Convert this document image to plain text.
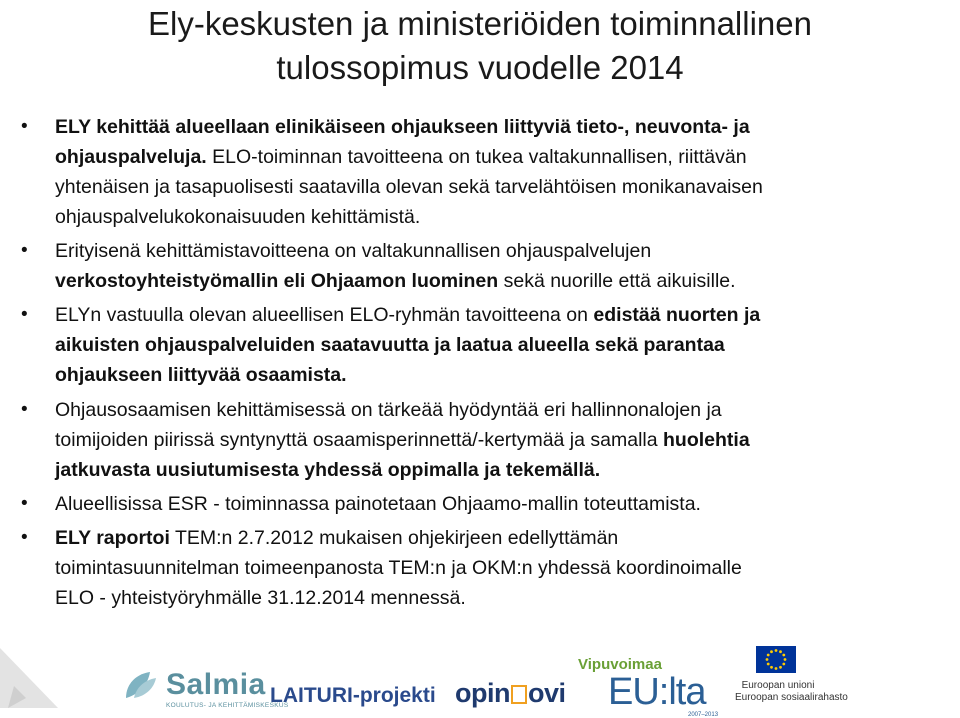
Ely-keskusten ja ministeriöiden toiminnallinen
tulossopimus vuodelle 2014
• ELY kehittää alueellaan elinikäiseen ohjaukseen liittyviä tieto-, neuvonta- ja
ohjauspalveluja. ELO-toiminnan tavoitteena on tukea valtakunnallisen, riittävän
yhtenäisen ja tasapuolisesti saatavilla olevan sekä tarvelähtöisen monikanavaisen
ohjauspalvelukokonaisuuden kehittämistä.
• Erityisenä kehittämistavoitteena on valtakunnallisen ohjauspalvelujen
verkostoyhteistyömallin eli Ohjaamon luominen sekä nuorille että aikuisille.
• ELYn vastuulla olevan alueellisen ELO-ryhmän tavoitteena on edistää nuorten ja
aikuisten ohjauspalveluiden saatavuutta ja laatua alueella sekä parantaa
ohjaukseen liittyvää osaamista.
• Ohjausosaamisen kehittämisessä on tärkeää hyödyntää eri hallinnonalojen ja
toimijoiden piirissä syntynyttä osaamisperinnettä/-kertymää ja samalla huolehtia
jatkuvasta uusiutumisesta yhdessä oppimalla ja tekemällä.
• Alueellisissa ESR - toiminnassa painotetaan Ohjaamo-mallin toteuttamista.
• ELY raportoi TEM:n 2.7.2012 mukaisen ohjekirjeen edellyttämän
toimintasuunnitelman toimeenpanosta TEM:n ja OKM:n yhdessä koordinoimalle
ELO - yhteistyöryhmälle 31.12.2014 mennessä.
Salmia
KOULUTUS- JA KEHITTÄMISKESKUS
LAITURI-projekti opin ovi
Vipuvoimaa
EU:lta
2007–2013
Euroopan unioni
Euroopan sosiaalirahasto
